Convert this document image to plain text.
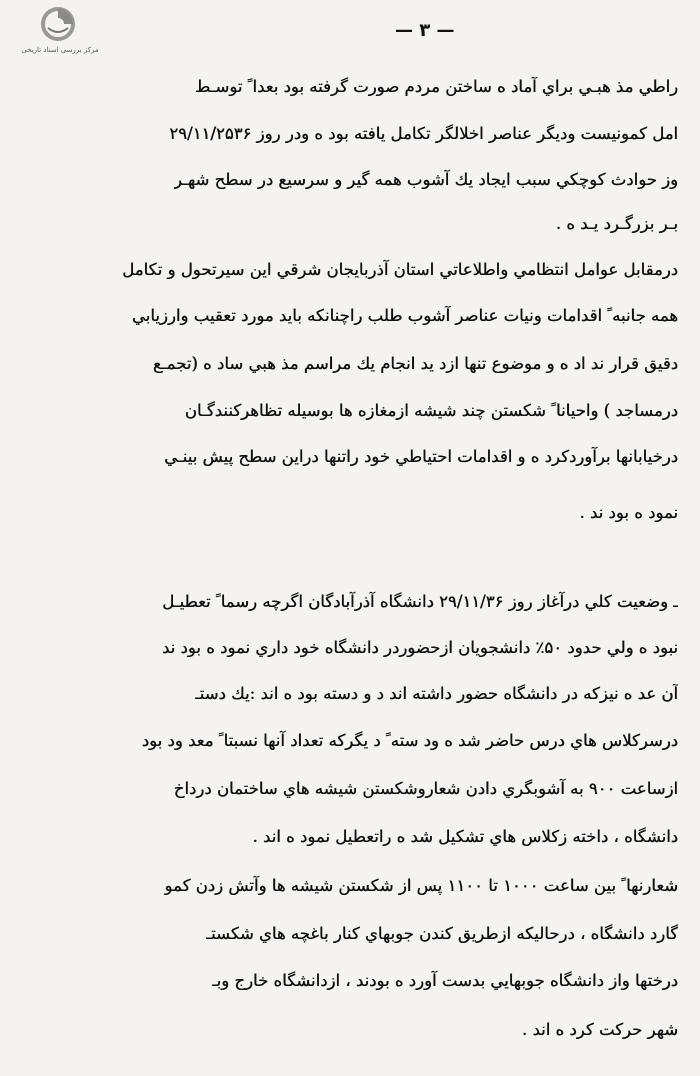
مرکز بررسی اسناد تاریخی
— ۳ —
راطي مذ هبـي براي آماد ه ساختن مردم صورت گرفته بود بعدا ً توسـط
امل كمونيست وديگر عناصر اخلالگر تكامل يافته بود ه ودر روز ۲۹/۱۱/۲۵۳۶
وز حوادث كوچكي سبب ايجاد يك آشوب همه گير و سرسيع در سطح شهـر
بـر بزرگـرد يـد ه .
درمقابل عوامل انتظامي واطلاعاتي استان آذربايجان شرقي اين سيرتحول و تكامل
همه جانبه ً اقدامات ونيات عناصر آشوب طلب راچنانكه بايد مورد تعقيب وارزيابي
دقيق قرار ند اد ه و موضوع تنها ازد يد انجام يك مراسم مذ هبي ساد ه (تجمـع
درمساجد ) واحيانا ً شكستن چند شيشه ازمغازه ها بوسيله تظاهركنندگـان
درخيابانها برآوردكرد ه و اقدامات احتياطي خود راتنها دراين سطح پيش بينـي
نمود ه بود ند .
ـ وضعيت كلي درآغاز روز ۲۹/۱۱/۳۶ دانشگاه آذرآبادگان اگرچه رسما ً تعطيـل
نبود ه ولي حدود ۵۰٪ دانشجويان ازحضوردر دانشگاه خود داري نمود ه بود ند
آن عد ه نيزكه در دانشگاه حضور داشته اند د و دسته بود ه اند :يك دستـ
درسركلاس هاي درس حاضر شد ه ود سته ً د يگركه تعداد آنها نسبتا ً معد ود بود
ازساعت ۹۰۰ به آشوبگري دادن شعاروشكستن شيشه هاي ساختمان درداخ
دانشگاه ، داخته زكلاس هاي تشكيل شد ه راتعطيل نمود ه اند .
شعارنها ً بين ساعت ۱۰۰۰ تا ۱۱۰۰ پس از شكستن شيشه ها وآتش زدن كمو
گارد دانشگاه ، درحاليكه ازطريق كندن جوبهاي كنار باغچه هاي شكستـ
درختها واز دانشگاه جوبهايي بدست آورد ه بودند ، ازدانشگاه خارج وبـ
شهر حركت كرد ه اند .
